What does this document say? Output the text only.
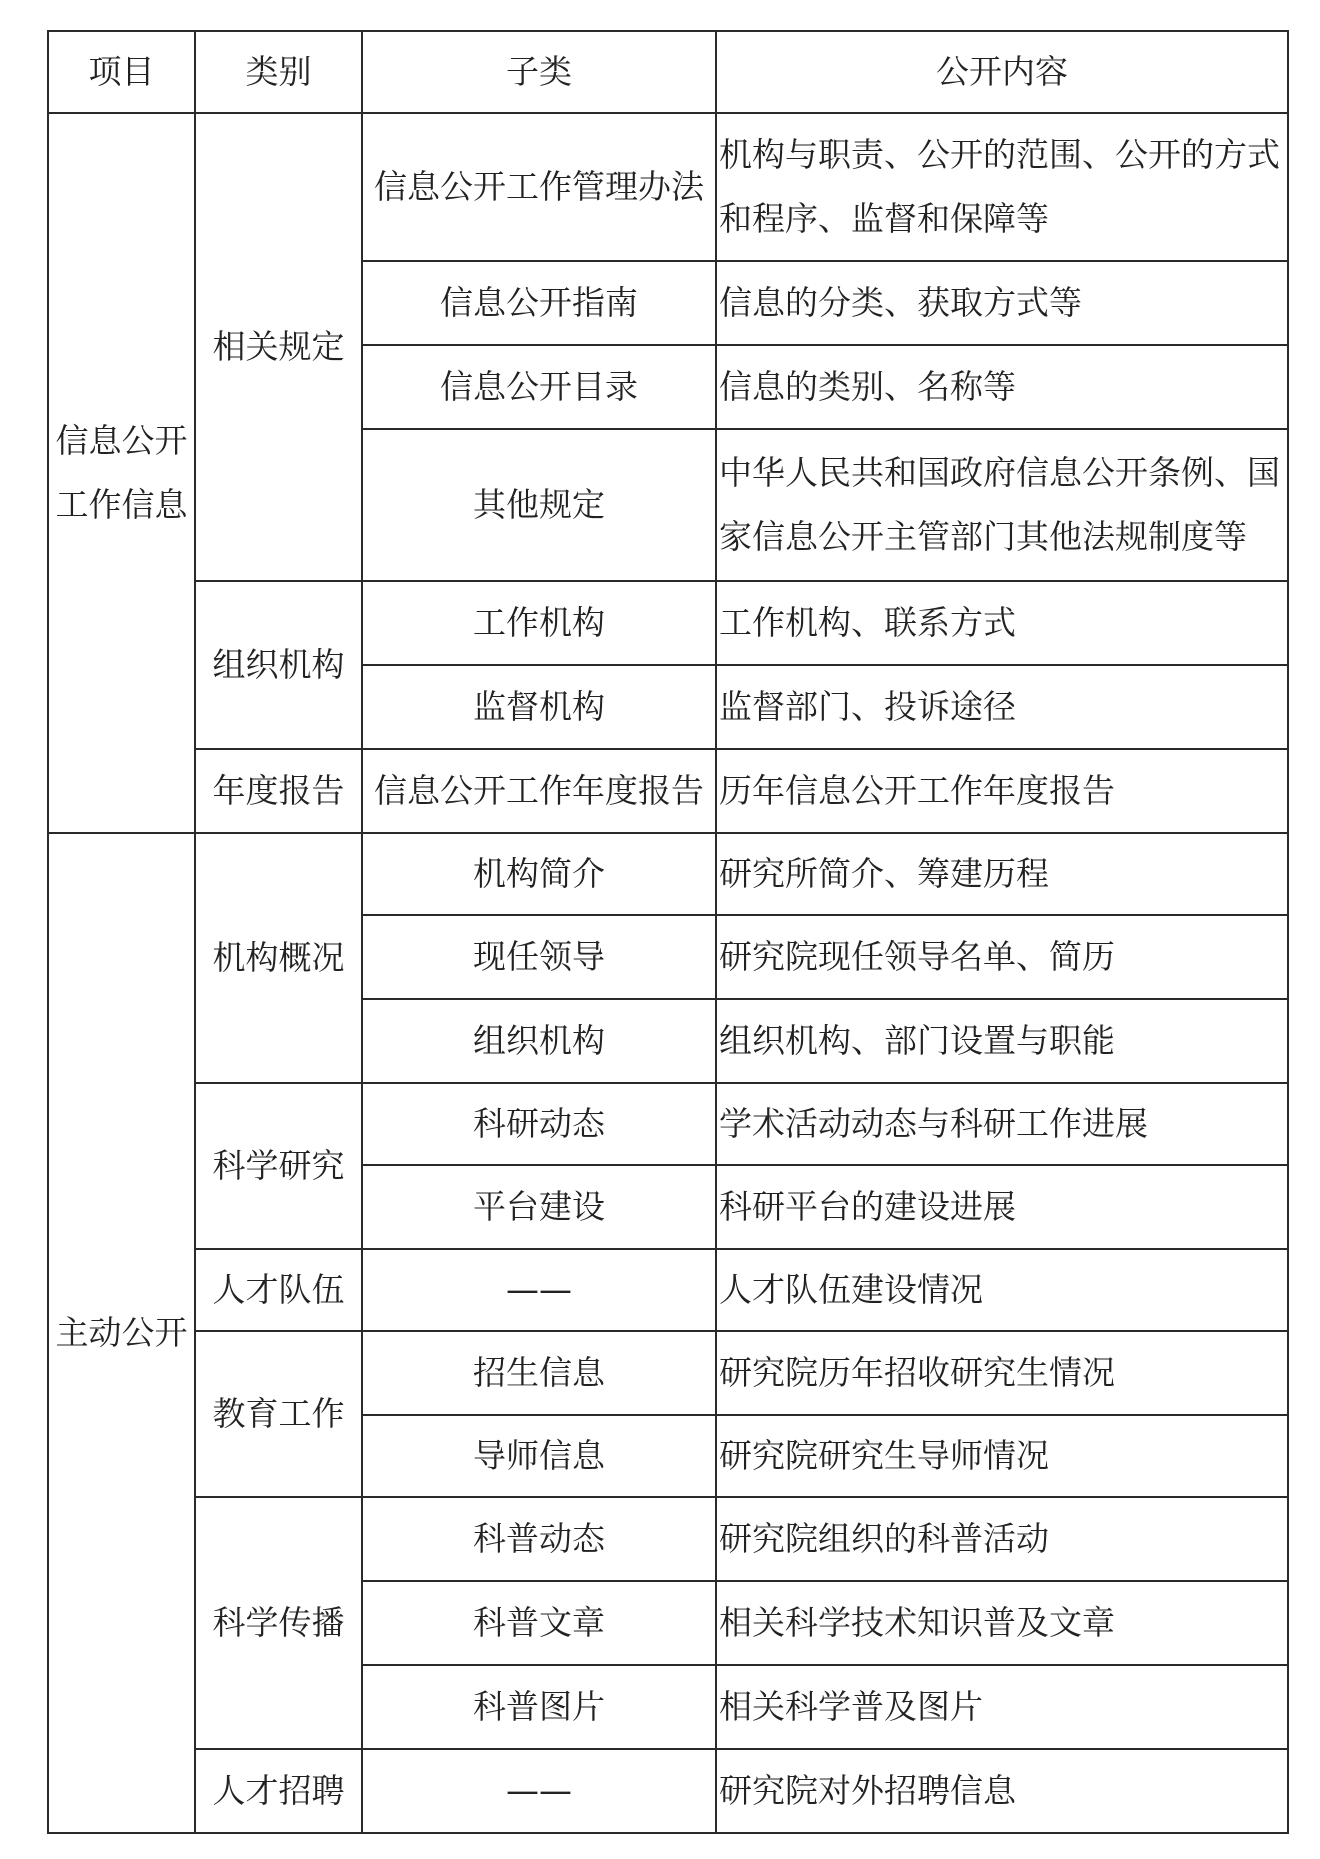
项目	类别	子类	公开内容
信息公开工作信息	相关规定	信息公开工作管理办法	机构与职责、公开的范围、公开的方式和程序、监督和保障等
		信息公开指南	信息的分类、获取方式等
		信息公开目录	信息的类别、名称等
		其他规定	中华人民共和国政府信息公开条例、国家信息公开主管部门其他法规制度等
	组织机构	工作机构	工作机构、联系方式
		监督机构	监督部门、投诉途径
	年度报告	信息公开工作年度报告	历年信息公开工作年度报告
主动公开	机构概况	机构简介	研究所简介、筹建历程
		现任领导	研究院现任领导名单、简历
		组织机构	组织机构、部门设置与职能
	科学研究	科研动态	学术活动动态与科研工作进展
		平台建设	科研平台的建设进展
	人才队伍	——	人才队伍建设情况
	教育工作	招生信息	研究院历年招收研究生情况
		导师信息	研究院研究生导师情况
	科学传播	科普动态	研究院组织的科普活动
		科普文章	相关科学技术知识普及文章
		科普图片	相关科学普及图片
	人才招聘	——	研究院对外招聘信息
